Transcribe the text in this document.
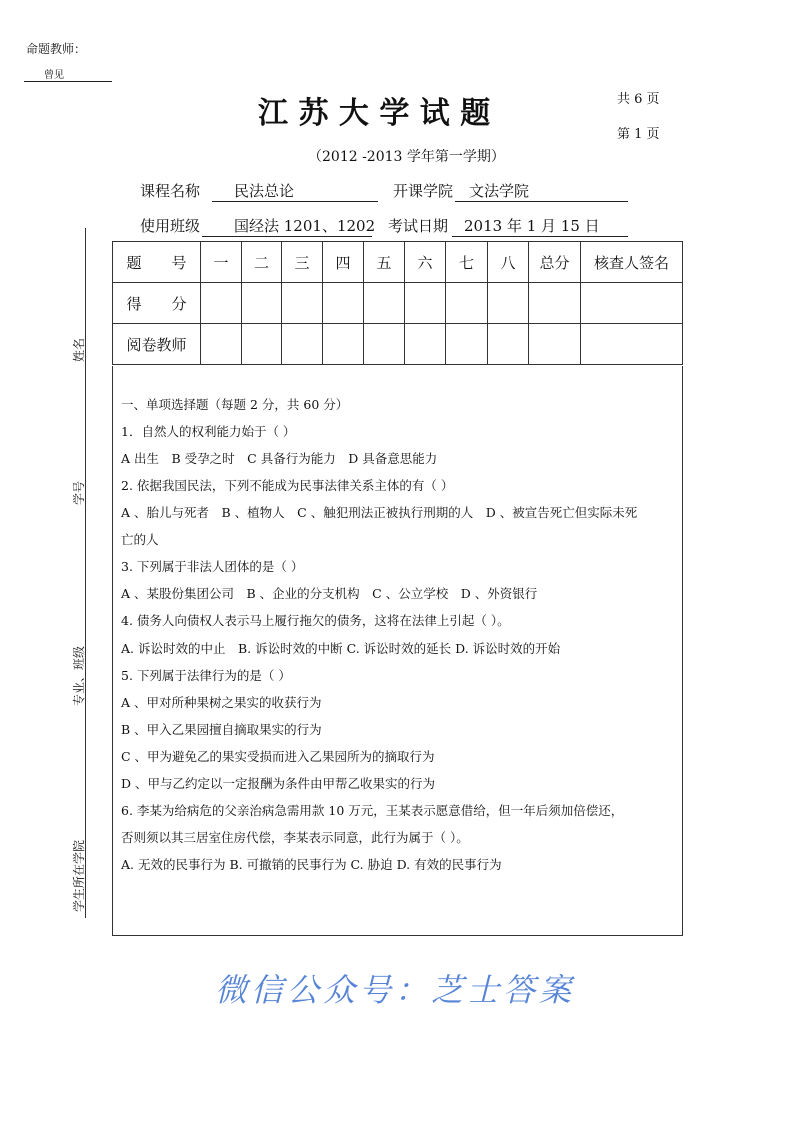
命题教师：
曾见
江 苏 大 学 试 题	共 6 页
第 1 页
（2012 -2013 学年第一学期）
课程名称	民法总论	开课学院	文法学院
使用班级	国经法 1201、1202 考试日期	2013 年 1 月 15 日
姓名
学号
专业、班级
学生所在学院
题　　号	一	二	三	四	五	六	七	八	总分	核查人签名
得　　分										
阅卷教师										
一、单项选择题（每题 2 分，共 60 分）
1．自然人的权利能力始于（ ）
A 出生　B 受孕之时　C 具备行为能力　D 具备意思能力
2. 依据我国民法，下列不能成为民事法律关系主体的有（ ）
A 、胎儿与死者　B 、植物人　C 、触犯刑法正被执行刑期的人　D 、被宣告死亡但实际未死
亡的人
3. 下列属于非法人团体的是（ ）
A 、某股份集团公司　B 、企业的分支机构　C 、公立学校　D 、外资银行
4. 债务人向债权人表示马上履行拖欠的债务，这将在法律上引起（ ）。
A. 诉讼时效的中止　B. 诉讼时效的中断 C. 诉讼时效的延长 D. 诉讼时效的开始
5. 下列属于法律行为的是（ ）
A 、甲对所种果树之果实的收获行为
B 、甲入乙果园擅自摘取果实的行为
C 、甲为避免乙的果实受损而进入乙果园所为的摘取行为
D 、甲与乙约定以一定报酬为条件由甲帮乙收果实的行为
6. 李某为给病危的父亲治病急需用款 10 万元，王某表示愿意借给，但一年后须加倍偿还，
否则须以其三居室住房代偿，李某表示同意，此行为属于（ ）。
A. 无效的民事行为 B. 可撤销的民事行为 C. 胁迫 D. 有效的民事行为
微信公众号：芝士答案
